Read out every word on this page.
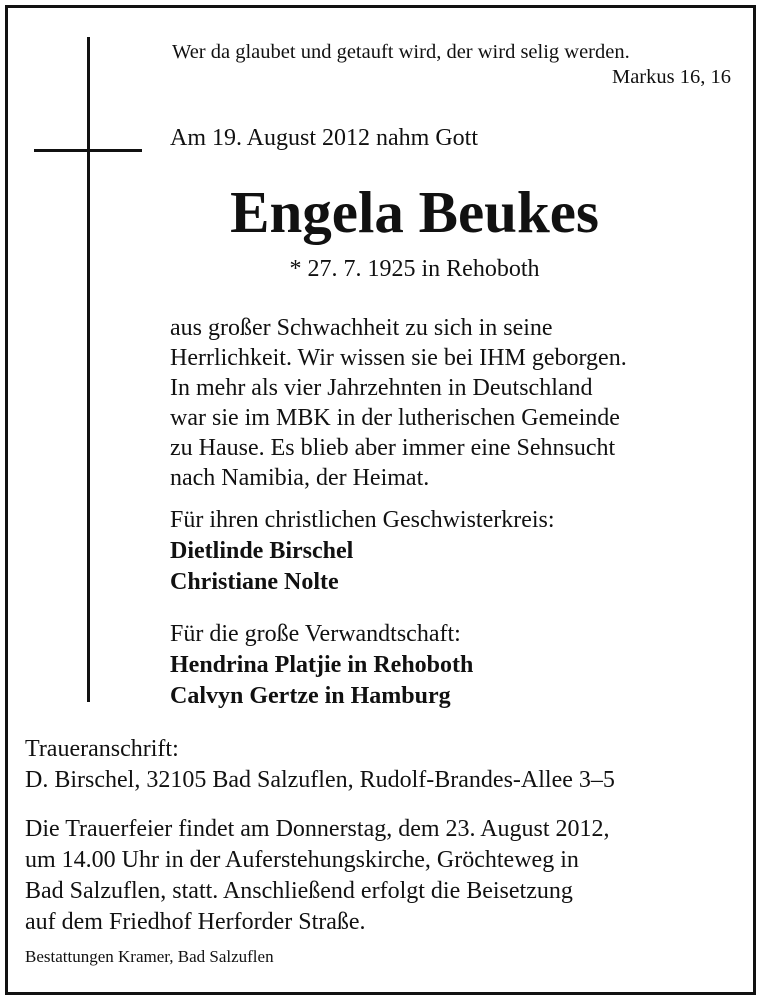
Wer da glaubet und getauft wird, der wird selig werden.
Markus 16, 16
Am 19. August 2012 nahm Gott
Engela Beukes
* 27. 7. 1925 in Rehoboth
aus großer Schwachheit zu sich in seine
Herrlichkeit. Wir wissen sie bei IHM geborgen.
In mehr als vier Jahrzehnten in Deutschland
war sie im MBK in der lutherischen Gemeinde
zu Hause. Es blieb aber immer eine Sehnsucht
nach Namibia, der Heimat.
Für ihren christlichen Geschwisterkreis:
Dietlinde Birschel
Christiane Nolte
Für die große Verwandtschaft:
Hendrina Platjie in Rehoboth
Calvyn Gertze in Hamburg
Traueranschrift:
D. Birschel, 32105 Bad Salzuflen, Rudolf-Brandes-Allee 3–5
Die Trauerfeier findet am Donnerstag, dem 23. August 2012,
um 14.00 Uhr in der Auferstehungskirche, Gröchteweg in
Bad Salzuflen, statt. Anschließend erfolgt die Beisetzung
auf dem Friedhof Herforder Straße.
Bestattungen Kramer, Bad Salzuflen
